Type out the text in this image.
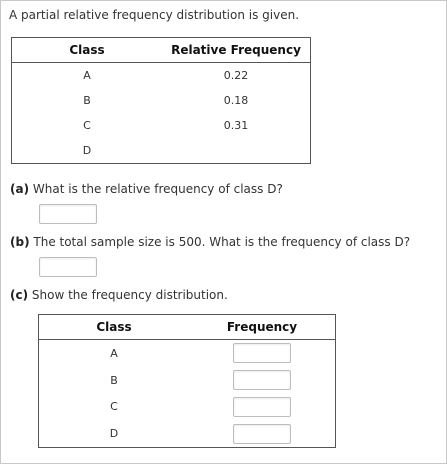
A partial relative frequency distribution is given.
Class	Relative Frequency
A	0.22
B	0.18
C	0.31
D	
(a) What is the relative frequency of class D?
(b) The total sample size is 500. What is the frequency of class D?
(c) Show the frequency distribution.
Class	Frequency
A	

B	

C	

D	
